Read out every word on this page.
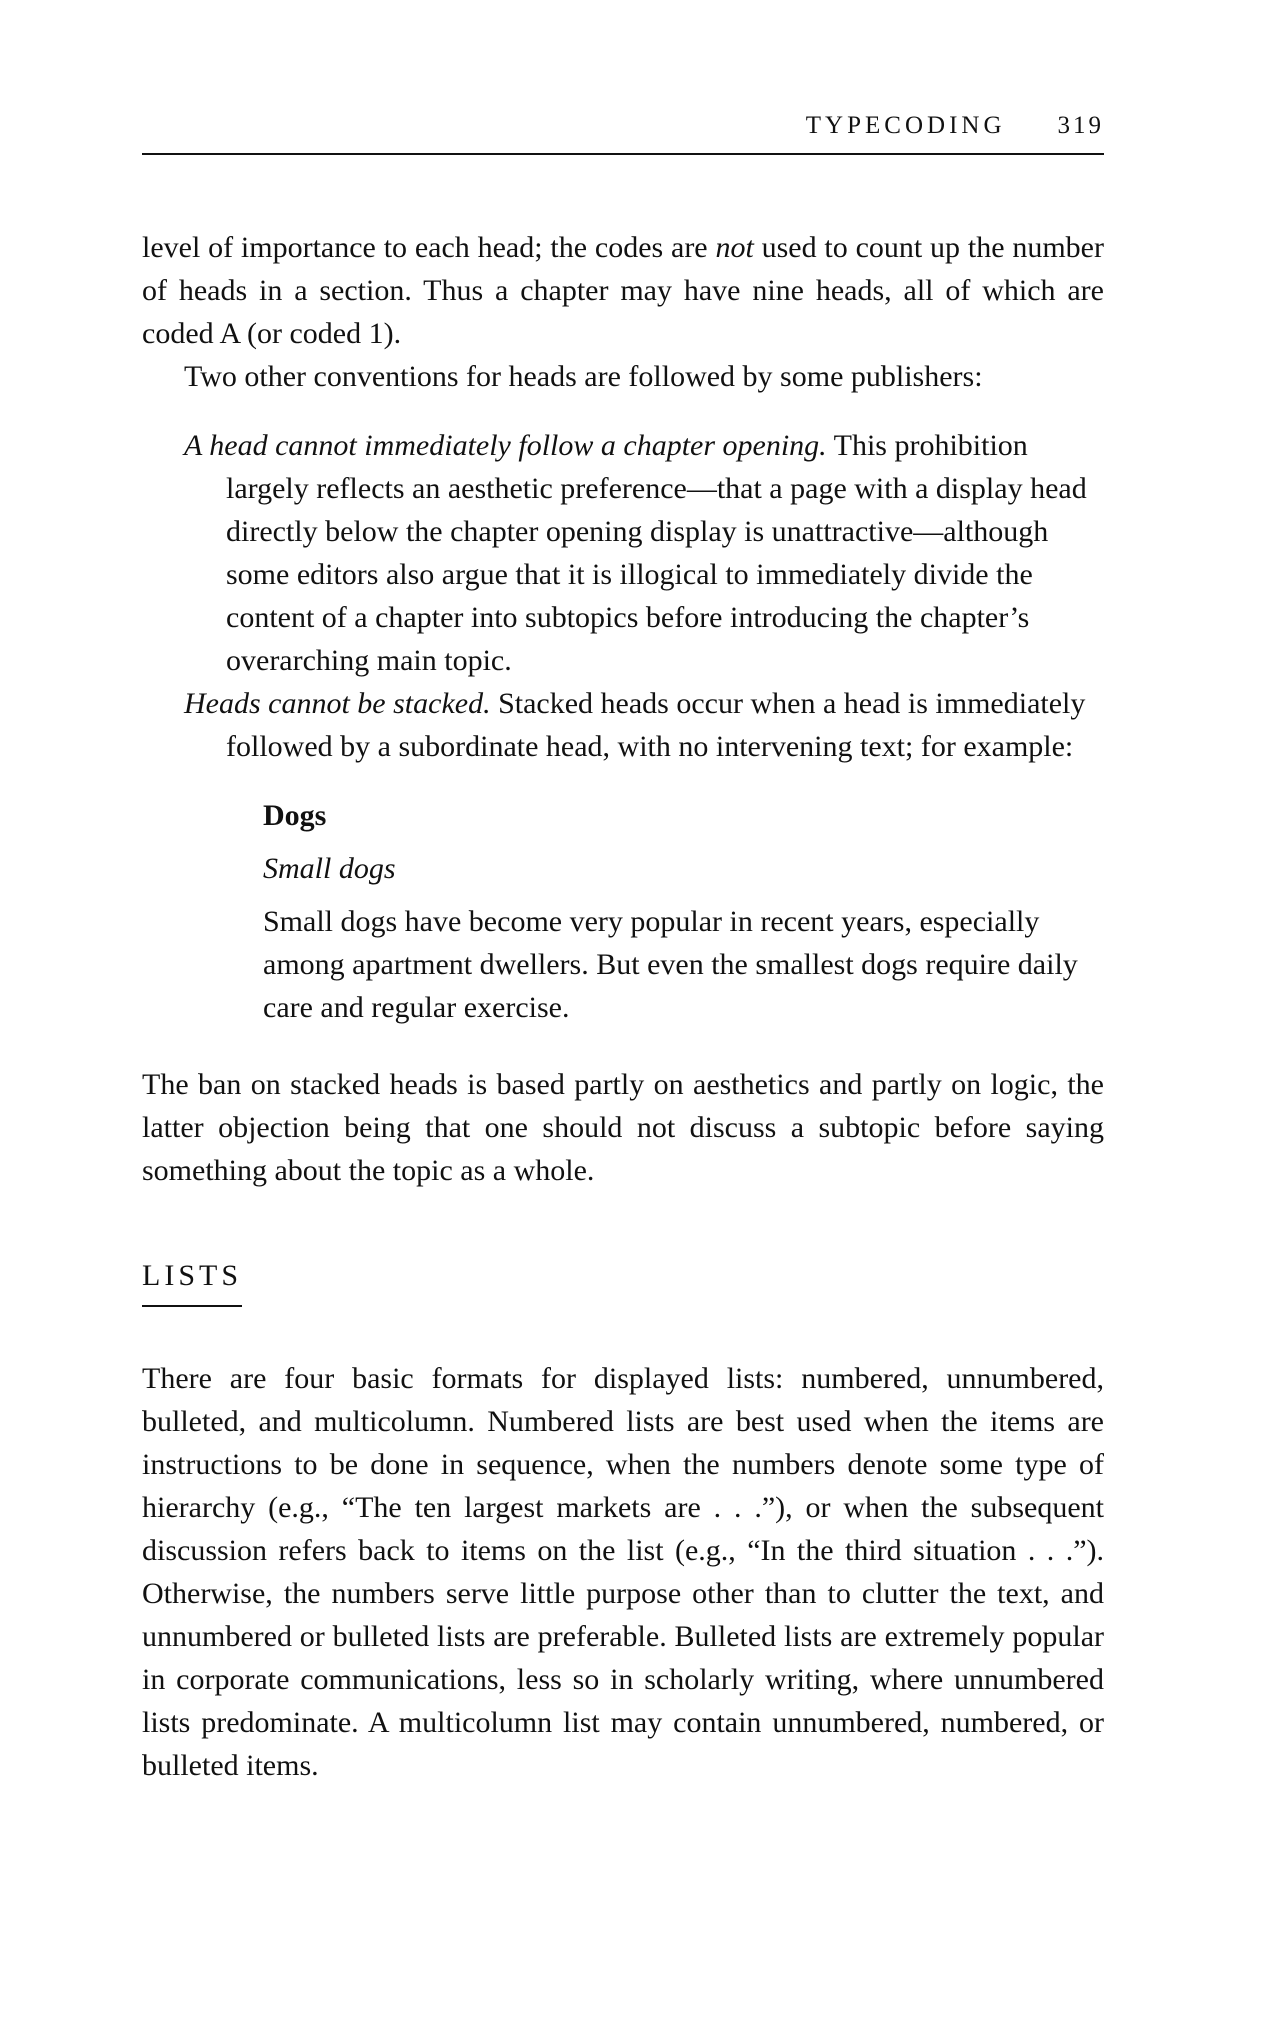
TYPECODING 319

level of importance to each head; the codes are not used to count up the number of heads in a section. Thus a chapter may have nine heads, all of which are coded A (or coded 1).

Two other conventions for heads are followed by some publishers:

A head cannot immediately follow a chapter opening. This prohibition largely reflects an aesthetic preference—that a page with a display head directly below the chapter opening display is unattractive—although some editors also argue that it is illogical to immediately divide the content of a chapter into subtopics before introducing the chapter’s overarching main topic.

Heads cannot be stacked. Stacked heads occur when a head is immediately followed by a subordinate head, with no intervening text; for example:

Dogs

Small dogs

Small dogs have become very popular in recent years, especially among apartment dwellers. But even the smallest dogs require daily care and regular exercise.

The ban on stacked heads is based partly on aesthetics and partly on logic, the latter objection being that one should not discuss a subtopic before saying something about the topic as a whole.

LISTS

There are four basic formats for displayed lists: numbered, unnumbered, bulleted, and multicolumn. Numbered lists are best used when the items are instructions to be done in sequence, when the numbers denote some type of hierarchy (e.g., “The ten largest markets are . . .”), or when the subsequent discussion refers back to items on the list (e.g., “In the third situation . . .”). Otherwise, the numbers serve little purpose other than to clutter the text, and unnumbered or bulleted lists are preferable. Bulleted lists are extremely popular in corporate communications, less so in scholarly writing, where unnumbered lists predominate. A multicolumn list may contain unnumbered, numbered, or bulleted items.
